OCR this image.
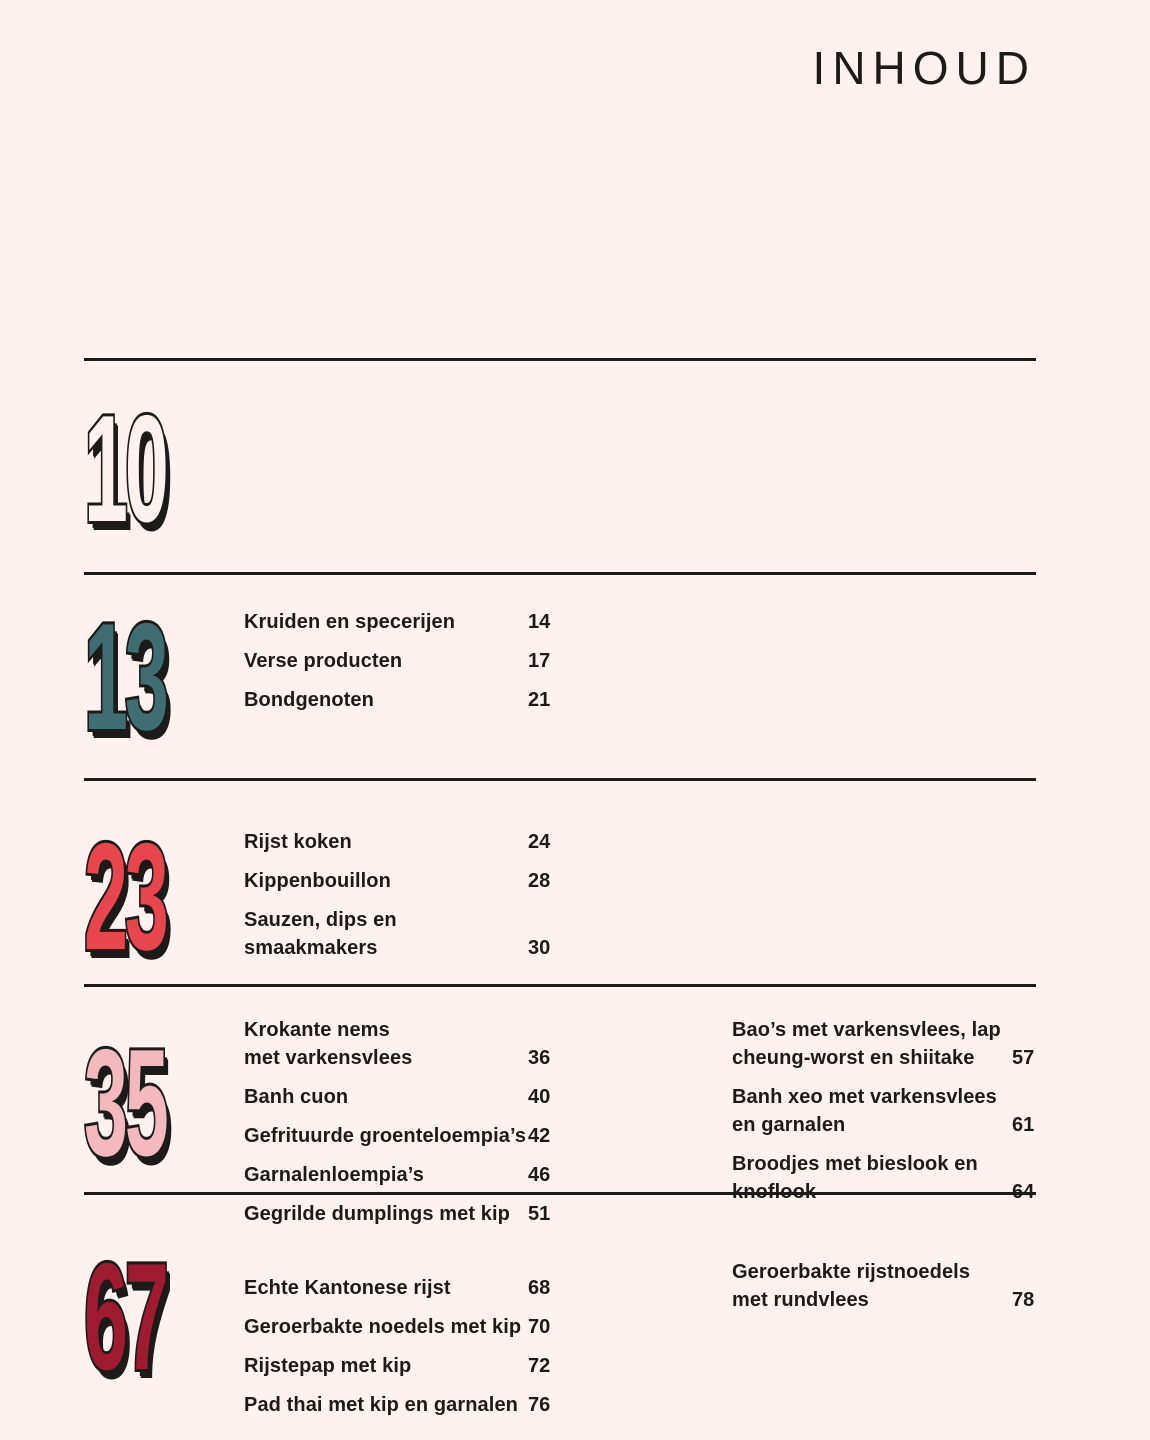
INHOUD
10
13	Kruiden en specerijen	14
Verse producten	17
Bondgenoten	21
23	Rijst koken	24
Kippenbouillon	28
Sauzen, dips en smaakmakers	30
35	Krokante nems
met varkensvlees	36
Banh cuon	40
Gefrituurde groenteloempia’s 42
Garnalenloempia’s	46
Gegrilde dumplings met kip 51
Bao’s met varkensvlees, lap
cheung-worst en shiitake	57
Banh xeo met varkensvlees
en garnalen	61
Broodjes met bieslook en
knoflook	64
67	Echte Kantonese rijst	68
Geroerbakte noedels met kip 70
Rijstepap met kip	72
Pad thai met kip en garnalen 76
Geroerbakte rijstnoedels
met rundvlees	78
